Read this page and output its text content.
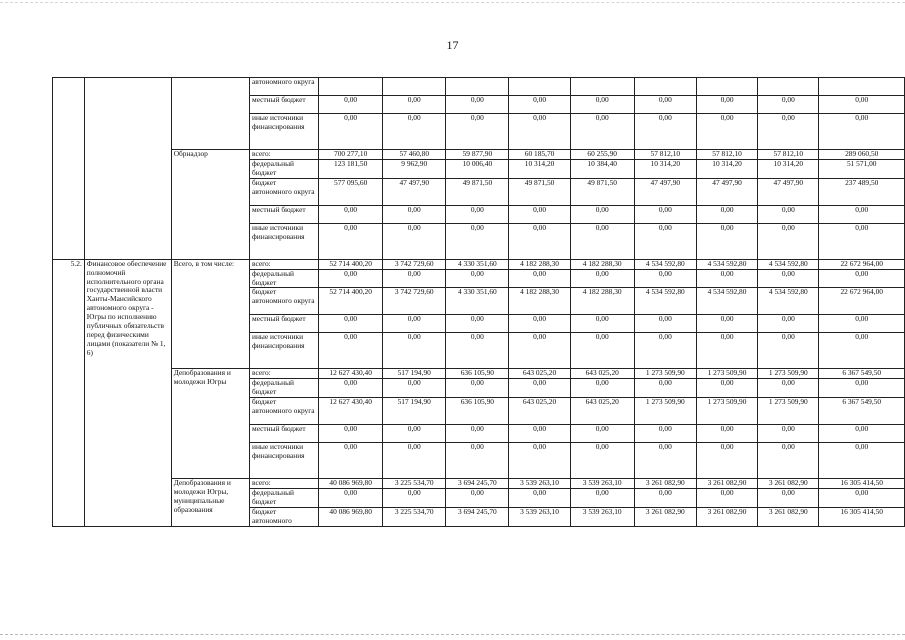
17
			автономного округа									
			местный бюджет	0,00	0,00	0,00	0,00	0,00	0,00	0,00	0,00	0,00
			иные источники финансирования	0,00	0,00	0,00	0,00	0,00	0,00	0,00	0,00	0,00
		Обрнадзор	всего:	700 277,10	57 460,80	59 877,90	60 185,70	60 255,90	57 812,10	57 812,10	57 812,10	289 060,50
			федеральный бюджет	123 181,50	9 962,90	10 006,40	10 314,20	10 384,40	10 314,20	10 314,20	10 314,20	51 571,00
			бюджет автономного округа	577 095,60	47 497,90	49 871,50	49 871,50	49 871,50	47 497,90	47 497,90	47 497,90	237 489,50
			местный бюджет	0,00	0,00	0,00	0,00	0,00	0,00	0,00	0,00	0,00
			иные источники финансирования	0,00	0,00	0,00	0,00	0,00	0,00	0,00	0,00	0,00
5.2.	Финансовое обеспечение полномочий исполнительного органа государственной власти Ханты-Мансийского автономного округа - Югры по исполнению публичных обязательств перед физическими лицами (показатели № 1, 6)	Всего, в том числе:	всего:	52 714 400,20	3 742 729,60	4 330 351,60	4 182 288,30	4 182 288,30	4 534 592,80	4 534 592,80	4 534 592,80	22 672 964,00
			федеральный бюджет	0,00	0,00	0,00	0,00	0,00	0,00	0,00	0,00	0,00
			бюджет автономного округа	52 714 400,20	3 742 729,60	4 330 351,60	4 182 288,30	4 182 288,30	4 534 592,80	4 534 592,80	4 534 592,80	22 672 964,00
			местный бюджет	0,00	0,00	0,00	0,00	0,00	0,00	0,00	0,00	0,00
			иные источники финансирования	0,00	0,00	0,00	0,00	0,00	0,00	0,00	0,00	0,00
		Депобразования и молодежи Югры	всего:	12 627 430,40	517 194,90	636 105,90	643 025,20	643 025,20	1 273 509,90	1 273 509,90	1 273 509,90	6 367 549,50
			федеральный бюджет	0,00	0,00	0,00	0,00	0,00	0,00	0,00	0,00	0,00
			бюджет автономного округа	12 627 430,40	517 194,90	636 105,90	643 025,20	643 025,20	1 273 509,90	1 273 509,90	1 273 509,90	6 367 549,50
			местный бюджет	0,00	0,00	0,00	0,00	0,00	0,00	0,00	0,00	0,00
			иные источники финансирования	0,00	0,00	0,00	0,00	0,00	0,00	0,00	0,00	0,00
		Депобразования и молодежи Югры, муниципальные образования	всего:	40 086 969,80	3 225 534,70	3 694 245,70	3 539 263,10	3 539 263,10	3 261 082,90	3 261 082,90	3 261 082,90	16 305 414,50
			федеральный бюджет	0,00	0,00	0,00	0,00	0,00	0,00	0,00	0,00	0,00
			бюджет автономного	40 086 969,80	3 225 534,70	3 694 245,70	3 539 263,10	3 539 263,10	3 261 082,90	3 261 082,90	3 261 082,90	16 305 414,50
